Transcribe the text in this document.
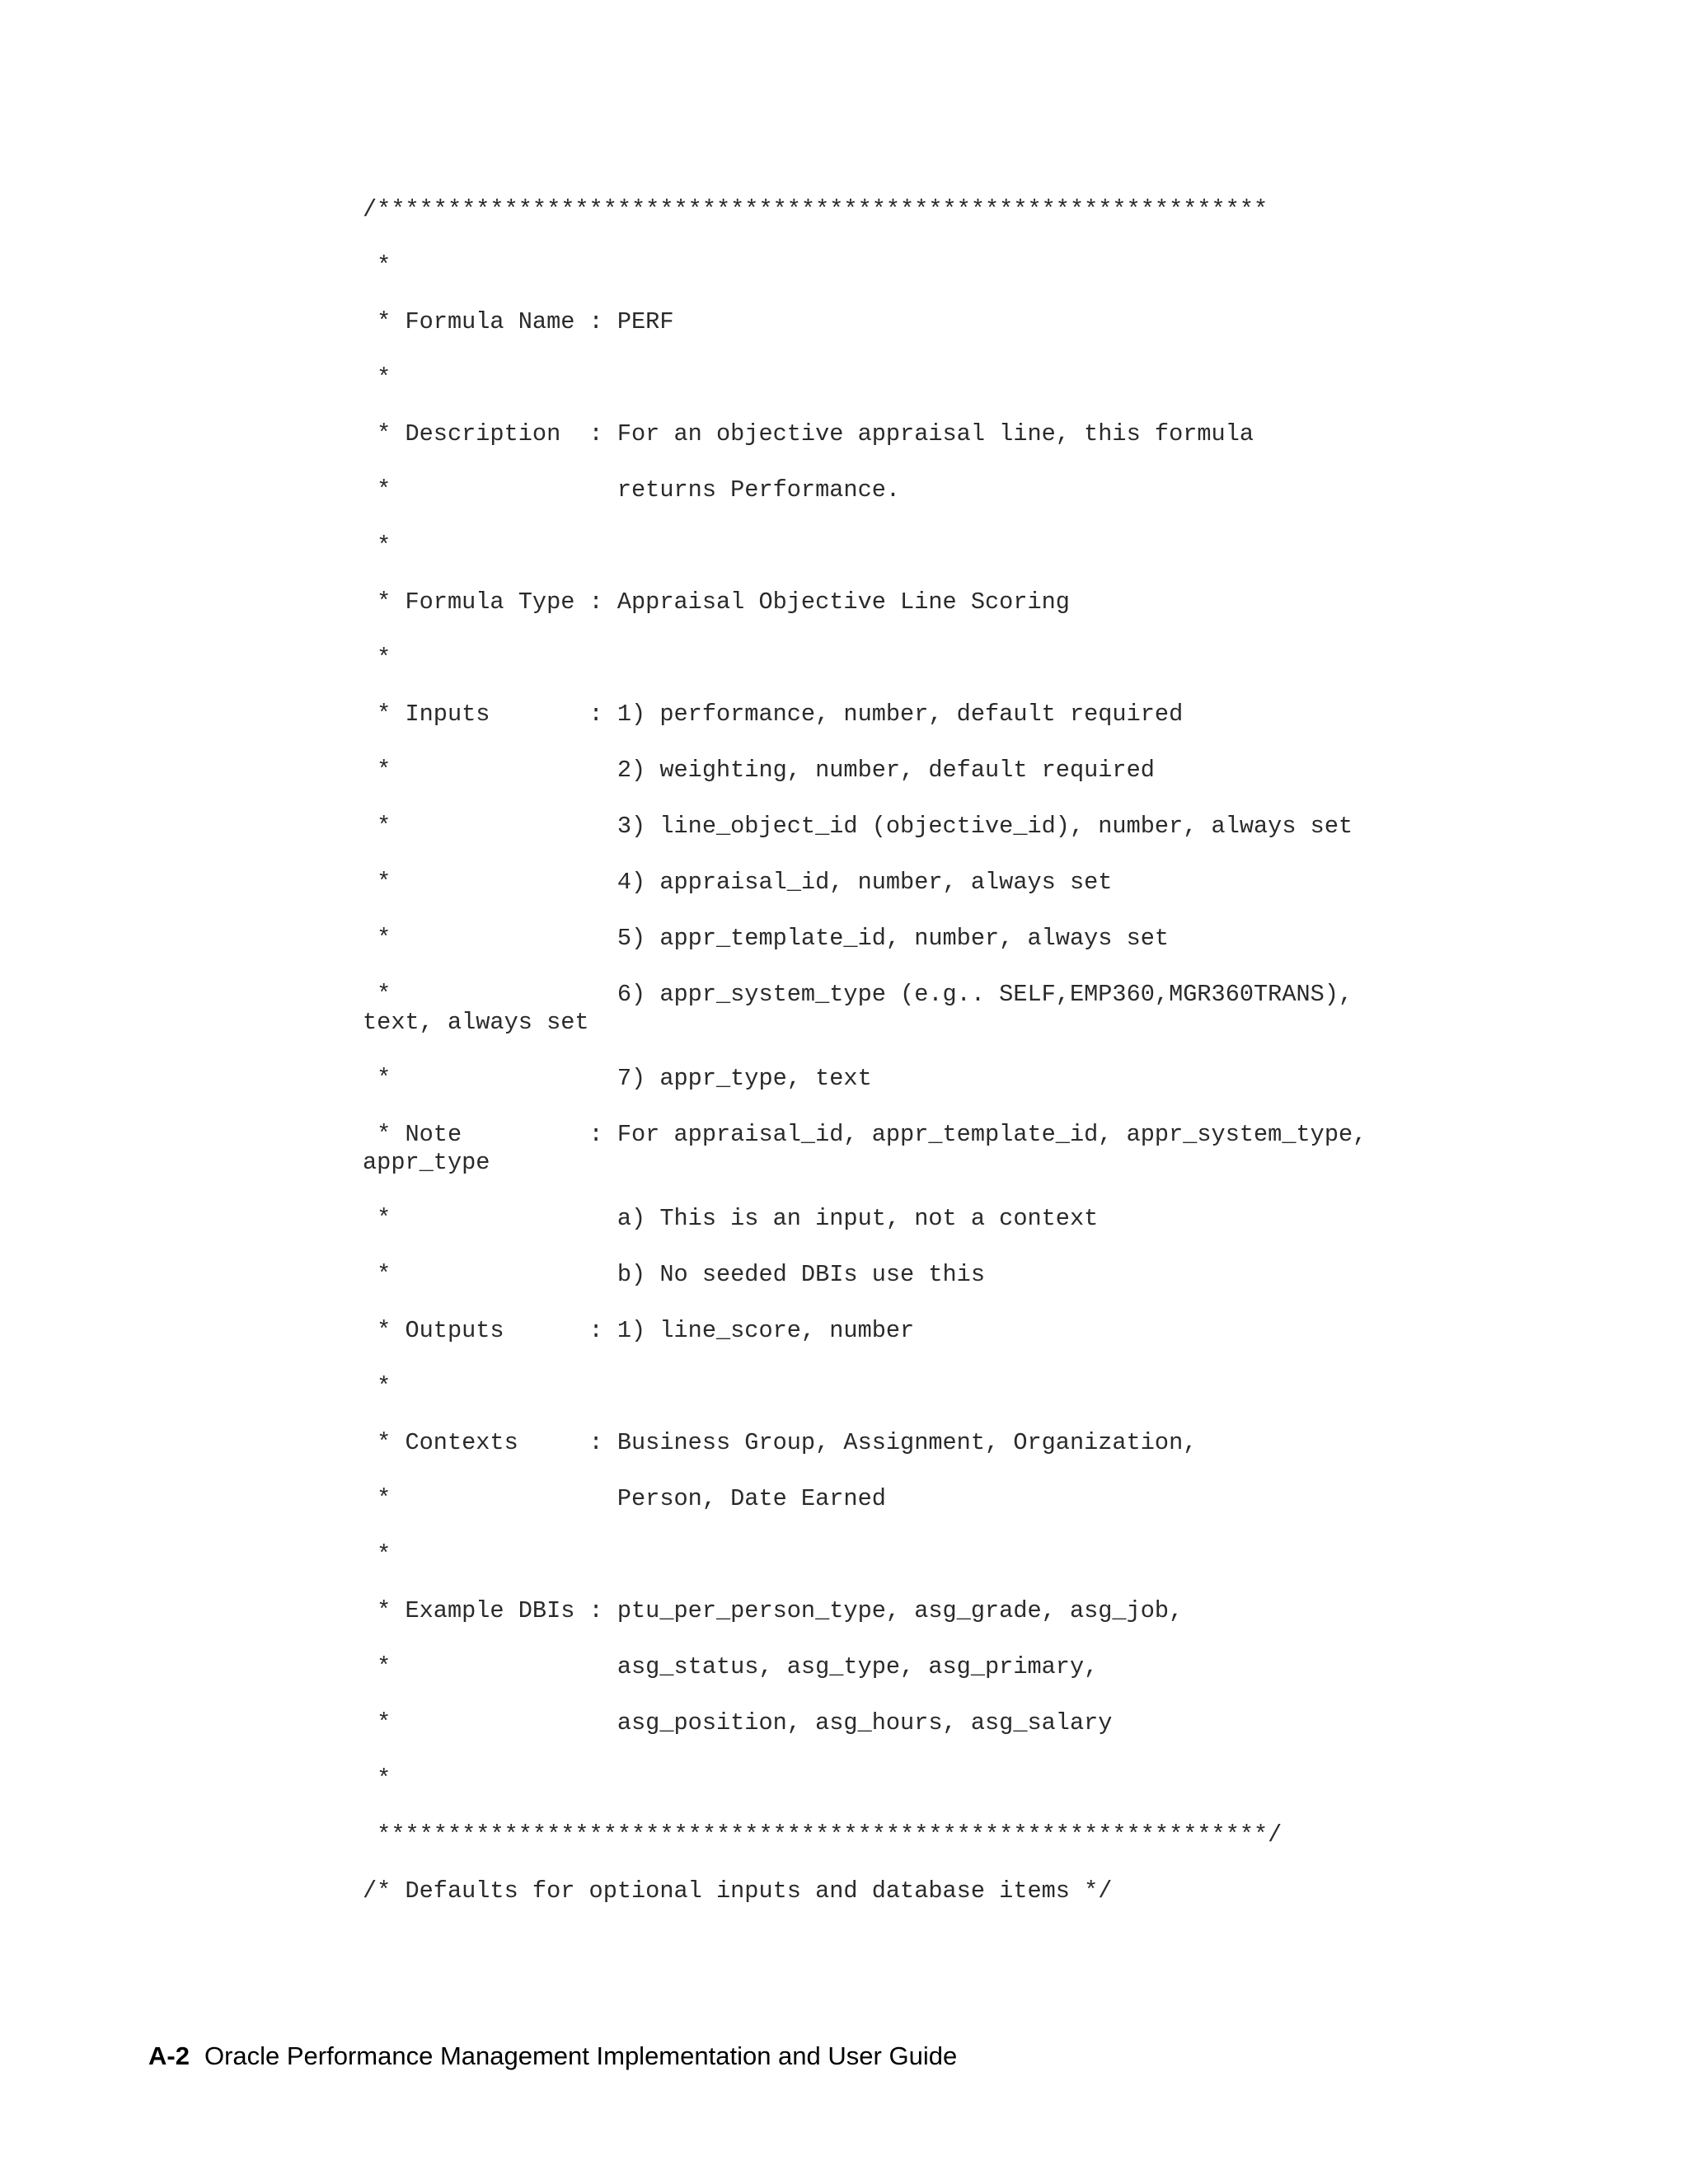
/***************************************************************
*
* Formula Name : PERF
*
* Description  : For an objective appraisal line, this formula
*                returns Performance.
*
* Formula Type : Appraisal Objective Line Scoring
*
* Inputs       : 1) performance, number, default required
*                2) weighting, number, default required
*                3) line_object_id (objective_id), number, always set
*                4) appraisal_id, number, always set
*                5) appr_template_id, number, always set
*                6) appr_system_type (e.g.. SELF,EMP360,MGR360TRANS),
text, always set
*                7) appr_type, text
* Note         : For appraisal_id, appr_template_id, appr_system_type,
appr_type
*                a) This is an input, not a context
*                b) No seeded DBIs use this
* Outputs      : 1) line_score, number
*
* Contexts     : Business Group, Assignment, Organization,
*                Person, Date Earned
*
* Example DBIs : ptu_per_person_type, asg_grade, asg_job,
*                asg_status, asg_type, asg_primary,
*                asg_position, asg_hours, asg_salary
*
***************************************************************/
/* Defaults for optional inputs and database items */
A-2 Oracle Performance Management Implementation and User Guide
